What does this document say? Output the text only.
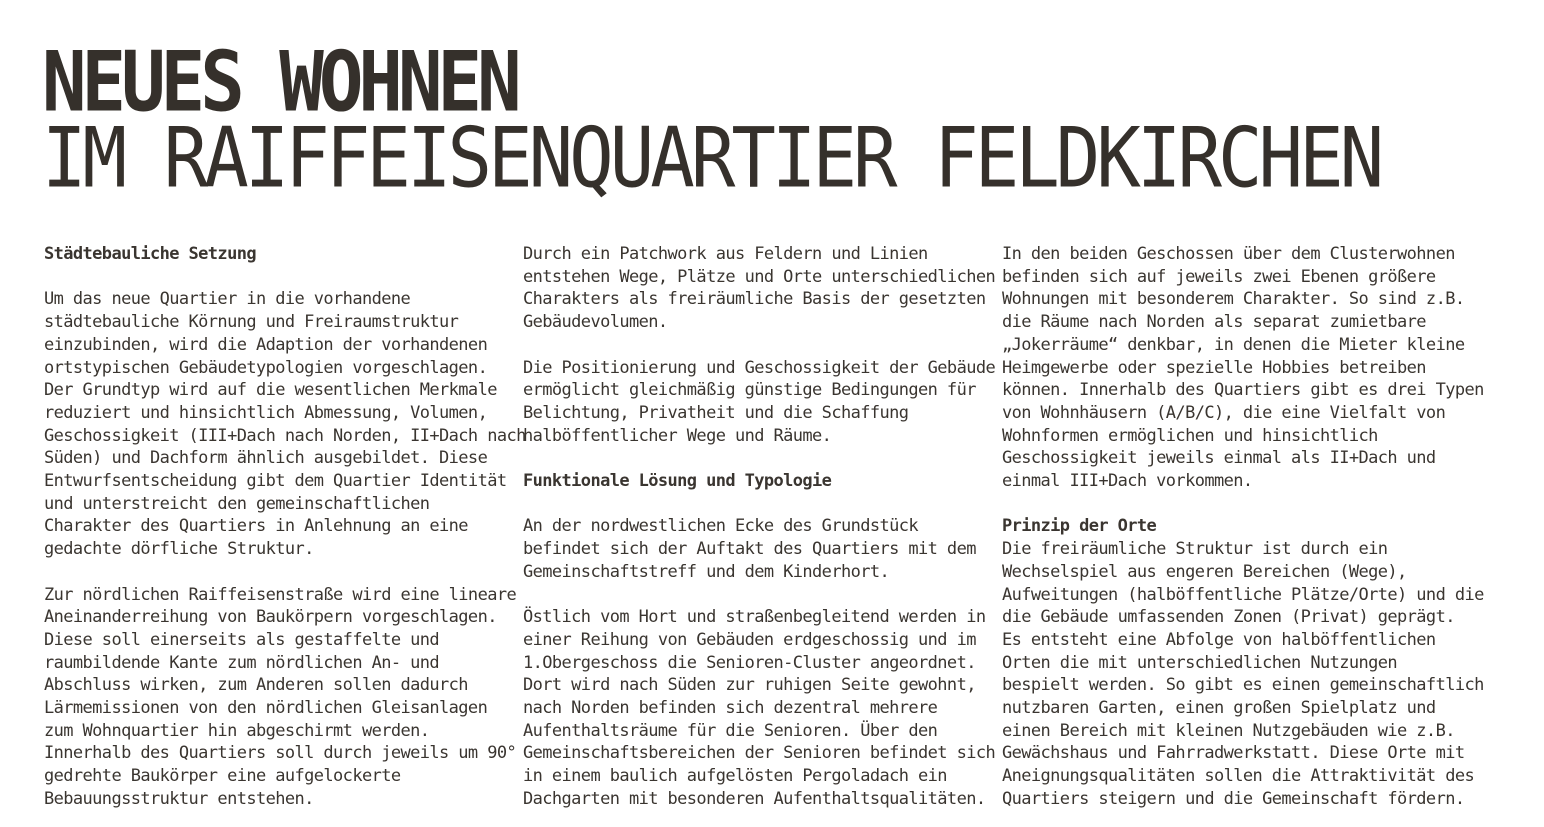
NEUES WOHNEN
IM RAIFFEISENQUARTIER FELDKIRCHEN
Städtebauliche Setzung
Um das neue Quartier in die vorhandene
städtebauliche Körnung und Freiraumstruktur
einzubinden, wird die Adaption der vorhandenen
ortstypischen Gebäudetypologien vorgeschlagen.
Der Grundtyp wird auf die wesentlichen Merkmale
reduziert und hinsichtlich Abmessung, Volumen,
Geschossigkeit (III+Dach nach Norden, II+Dach nach
Süden) und Dachform ähnlich ausgebildet. Diese
Entwurfsentscheidung gibt dem Quartier Identität
und unterstreicht den gemeinschaftlichen
Charakter des Quartiers in Anlehnung an eine
gedachte dörfliche Struktur.
Zur nördlichen Raiffeisenstraße wird eine lineare
Aneinanderreihung von Baukörpern vorgeschlagen.
Diese soll einerseits als gestaffelte und
raumbildende Kante zum nördlichen An- und
Abschluss wirken, zum Anderen sollen dadurch
Lärmemissionen von den nördlichen Gleisanlagen
zum Wohnquartier hin abgeschirmt werden.
Innerhalb des Quartiers soll durch jeweils um 90°
gedrehte Baukörper eine aufgelockerte
Bebauungsstruktur entstehen.
Durch ein Patchwork aus Feldern und Linien
entstehen Wege, Plätze und Orte unterschiedlichen
Charakters als freiräumliche Basis der gesetzten
Gebäudevolumen.
Die Positionierung und Geschossigkeit der Gebäude
ermöglicht gleichmäßig günstige Bedingungen für
Belichtung, Privatheit und die Schaffung
halböffentlicher Wege und Räume.
Funktionale Lösung und Typologie
An der nordwestlichen Ecke des Grundstück
befindet sich der Auftakt des Quartiers mit dem
Gemeinschaftstreff und dem Kinderhort.
Östlich vom Hort und straßenbegleitend werden in
einer Reihung von Gebäuden erdgeschossig und im
1.Obergeschoss die Senioren-Cluster angeordnet.
Dort wird nach Süden zur ruhigen Seite gewohnt,
nach Norden befinden sich dezentral mehrere
Aufenthaltsräume für die Senioren. Über den
Gemeinschaftsbereichen der Senioren befindet sich
in einem baulich aufgelösten Pergoladach ein
Dachgarten mit besonderen Aufenthaltsqualitäten.
In den beiden Geschossen über dem Clusterwohnen
befinden sich auf jeweils zwei Ebenen größere
Wohnungen mit besonderem Charakter. So sind z.B.
die Räume nach Norden als separat zumietbare
„Jokerräume“ denkbar, in denen die Mieter kleine
Heimgewerbe oder spezielle Hobbies betreiben
können. Innerhalb des Quartiers gibt es drei Typen
von Wohnhäusern (A/B/C), die eine Vielfalt von
Wohnformen ermöglichen und hinsichtlich
Geschossigkeit jeweils einmal als II+Dach und
einmal III+Dach vorkommen.
Prinzip der Orte
Die freiräumliche Struktur ist durch ein
Wechselspiel aus engeren Bereichen (Wege),
Aufweitungen (halböffentliche Plätze/Orte) und die
die Gebäude umfassenden Zonen (Privat) geprägt.
Es entsteht eine Abfolge von halböffentlichen
Orten die mit unterschiedlichen Nutzungen
bespielt werden. So gibt es einen gemeinschaftlich
nutzbaren Garten, einen großen Spielplatz und
einen Bereich mit kleinen Nutzgebäuden wie z.B.
Gewächshaus und Fahrradwerkstatt. Diese Orte mit
Aneignungsqualitäten sollen die Attraktivität des
Quartiers steigern und die Gemeinschaft fördern.
